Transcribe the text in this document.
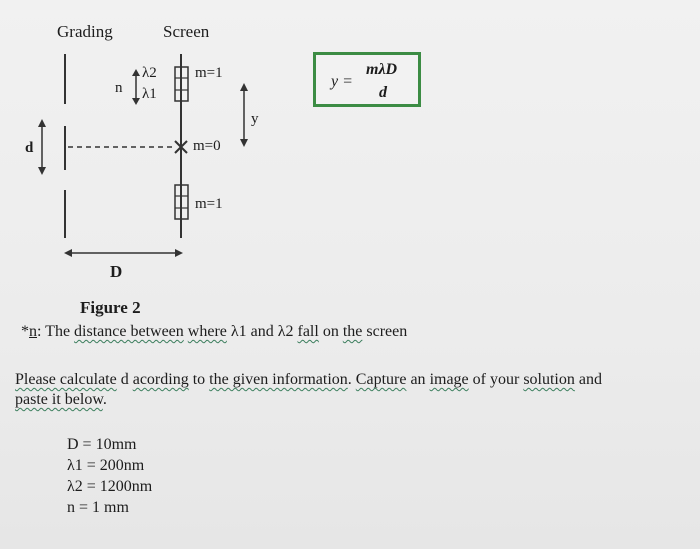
Grading	Screen
n
λ2
λ1
m=1
m=0
m=1
y
d
D
y =
mλD
d
Figure 2
*n: The distance between where λ1 and λ2 fall on the screen
Please calculate d acording to the given information. Capture an image of your solution and
paste it below.
D = 10mm
λ1 = 200nm
λ2 = 1200nm
n = 1 mm
